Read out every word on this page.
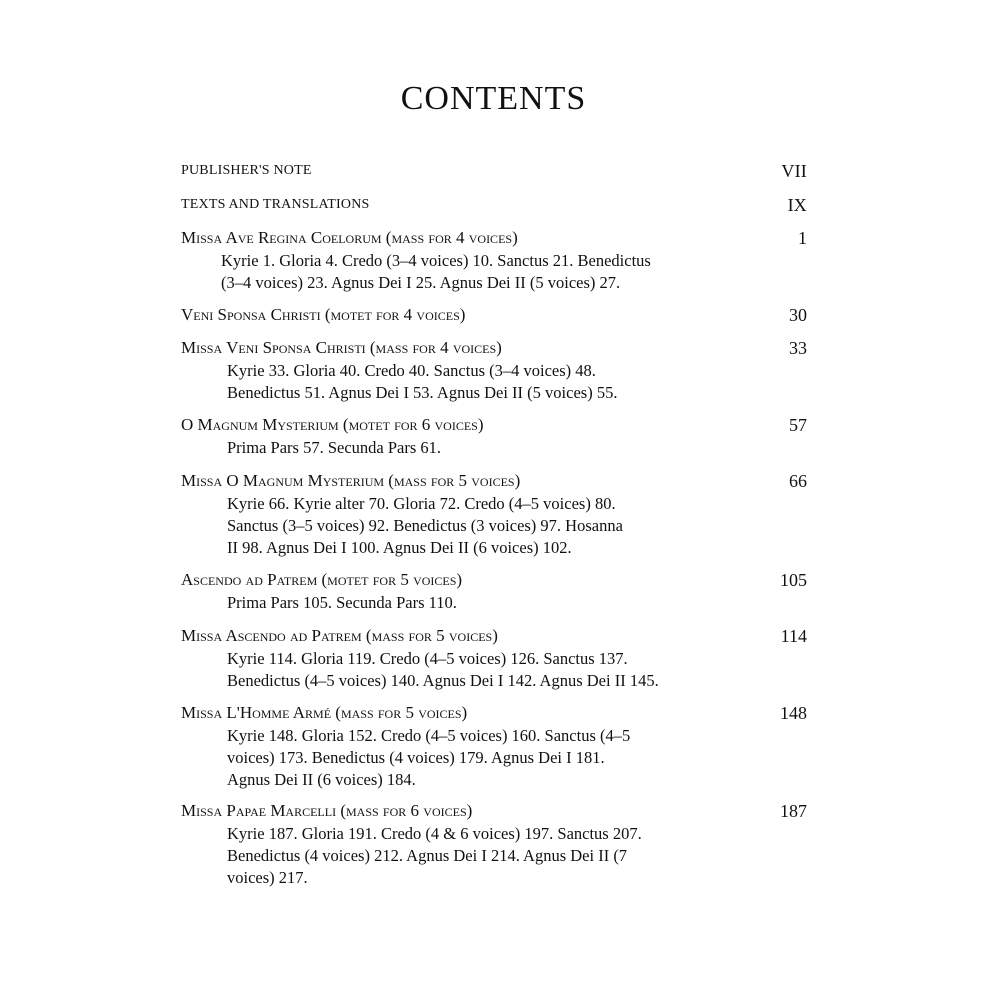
CONTENTS
PUBLISHER'S NOTE	VII
TEXTS AND TRANSLATIONS	IX
Missa Ave Regina Coelorum (mass for 4 voices)	1
Kyrie 1. Gloria 4. Credo (3–4 voices) 10. Sanctus 21. Benedictus
(3–4 voices) 23. Agnus Dei I 25. Agnus Dei II (5 voices) 27.
Veni Sponsa Christi (motet for 4 voices)	30
Missa Veni Sponsa Christi (mass for 4 voices)	33
Kyrie 33. Gloria 40. Credo 40. Sanctus (3–4 voices) 48.
Benedictus 51. Agnus Dei I 53. Agnus Dei II (5 voices) 55.
O Magnum Mysterium (motet for 6 voices)	57
Prima Pars 57. Secunda Pars 61.
Missa O Magnum Mysterium (mass for 5 voices)	66
Kyrie 66. Kyrie alter 70. Gloria 72. Credo (4–5 voices) 80.
Sanctus (3–5 voices) 92. Benedictus (3 voices) 97. Hosanna
II 98. Agnus Dei I 100. Agnus Dei II (6 voices) 102.
Ascendo ad Patrem (motet for 5 voices)	105
Prima Pars 105. Secunda Pars 110.
Missa Ascendo ad Patrem (mass for 5 voices)	114
Kyrie 114. Gloria 119. Credo (4–5 voices) 126. Sanctus 137.
Benedictus (4–5 voices) 140. Agnus Dei I 142. Agnus Dei II 145.
Missa L'Homme Armé (mass for 5 voices)	148
Kyrie 148. Gloria 152. Credo (4–5 voices) 160. Sanctus (4–5
voices) 173. Benedictus (4 voices) 179. Agnus Dei I 181.
Agnus Dei II (6 voices) 184.
Missa Papae Marcelli (mass for 6 voices)	187
Kyrie 187. Gloria 191. Credo (4 & 6 voices) 197. Sanctus 207.
Benedictus (4 voices) 212. Agnus Dei I 214. Agnus Dei II (7
voices) 217.
